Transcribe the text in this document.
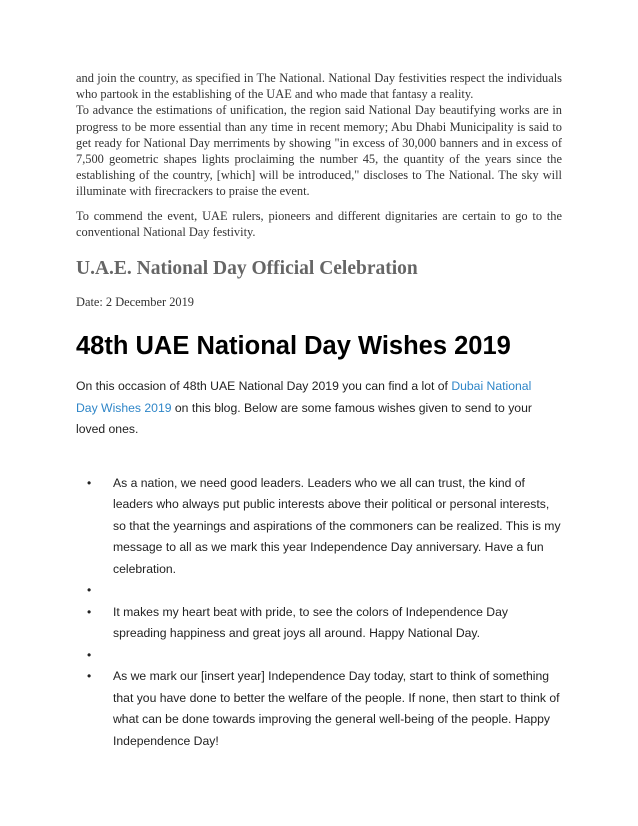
and join the country, as specified in The National. National Day festivities respect the individuals who partook in the establishing of the UAE and who made that fantasy a reality.

To advance the estimations of unification, the region said National Day beautifying works are in progress to be more essential than any time in recent memory; Abu Dhabi Municipality is said to get ready for National Day merriments by showing "in excess of 30,000 banners and in excess of 7,500 geometric shapes lights proclaiming the number 45, the quantity of the years since the establishing of the country, [which] will be introduced," discloses to The National. The sky will illuminate with firecrackers to praise the event.

To commend the event, UAE rulers, pioneers and different dignitaries are certain to go to the conventional National Day festivity.

U.A.E. National Day Official Celebration

Date: 2 December 2019

48th UAE National Day Wishes 2019

On this occasion of 48th UAE National Day 2019 you can find a lot of Dubai National Day Wishes 2019 on this blog. Below are some famous wishes given to send to your loved ones.

• As a nation, we need good leaders. Leaders who we all can trust, the kind of leaders who always put public interests above their political or personal interests, so that the yearnings and aspirations of the commoners can be realized. This is my message to all as we mark this year Independence Day anniversary. Have a fun celebration.
•
• It makes my heart beat with pride, to see the colors of Independence Day spreading happiness and great joys all around. Happy National Day.
•
• As we mark our [insert year] Independence Day today, start to think of something that you have done to better the welfare of the people. If none, then start to think of what can be done towards improving the general well-being of the people. Happy Independence Day!
